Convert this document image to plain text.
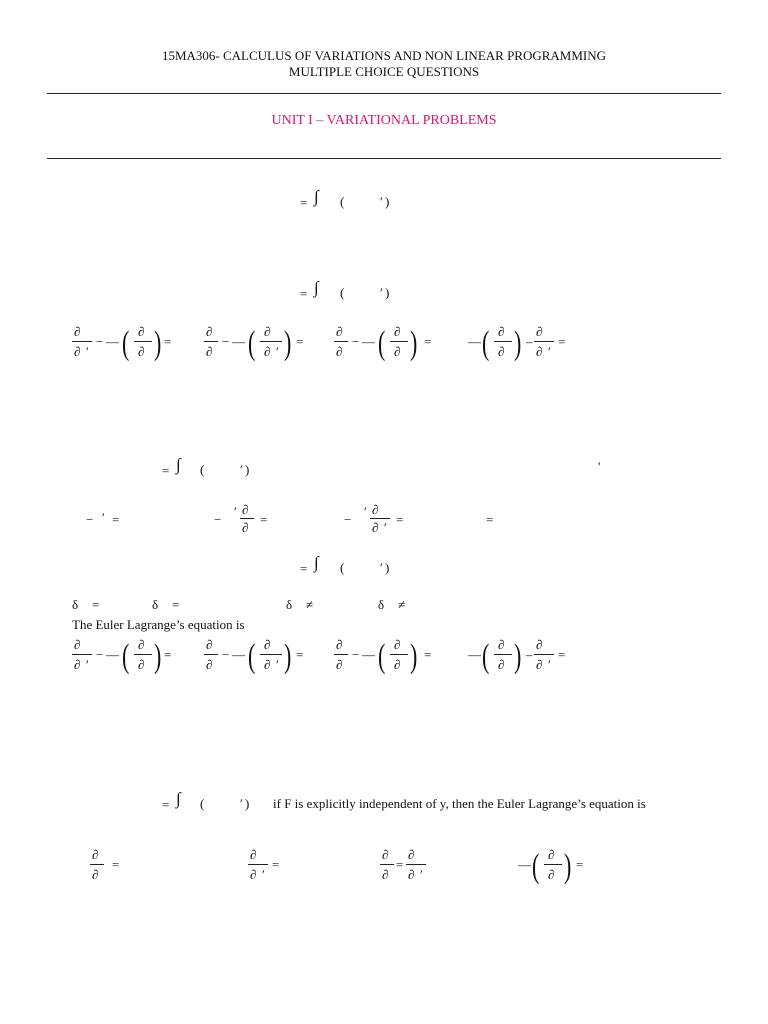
15MA306- CALCULUS OF VARIATIONS AND NON LINEAR PROGRAMMING
MULTIPLE CHOICE QUESTIONS
UNIT I – VARIATIONAL PROBLEMS
= ∫ (	′ )
= ∫ (	′ )
∂
∂ ′
− — ( ∂
∂ ) =
∂
∂
− — ( ∂
∂ ′ ) =
∂
∂
− — ( ∂
∂ ) =	— ( ∂
∂ ) –
∂
∂ ′
=
= ∫ (	′ )	'
− ′ =	−
′ ∂
∂
=	−
′ ∂
∂ ′
=	=
= ∫ (	′ )
δ =	δ =	δ ≠	δ ≠
The Euler Lagrange’s equation is
∂
∂ ′
− — ( ∂
∂ ) =
∂
∂
− — ( ∂
∂ ′ ) =
∂
∂
− — ( ∂
∂ ) =	— ( ∂
∂ ) –
∂
∂ ′
=
= ∫ (	′ ) if F is explicitly independent of y, then the Euler Lagrange’s equation is
∂
∂
=
∂
∂ ′
=
∂
∂
=
∂
∂ ′
— ( ∂
∂ ) =
